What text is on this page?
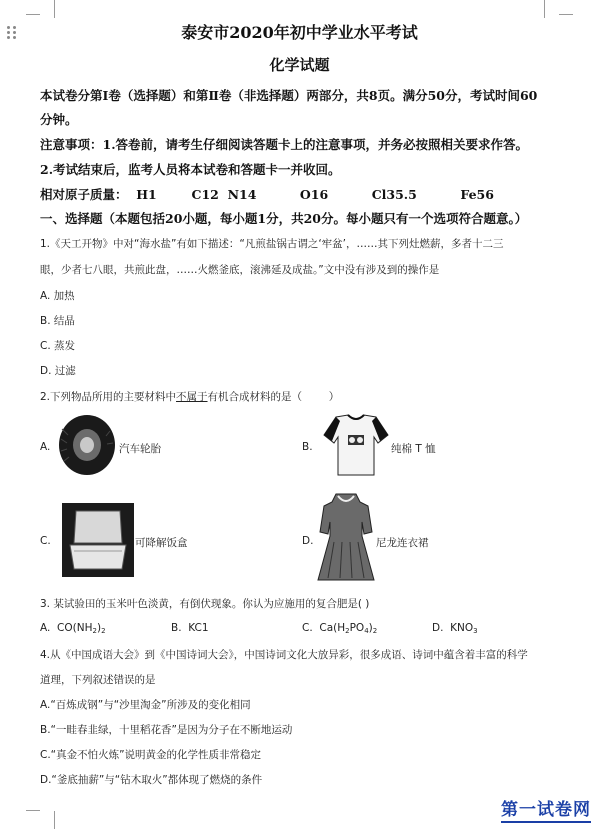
泰安市2020年初中学业水平考试
化学试题
本试卷分第Ⅰ卷（选择题）和第Ⅱ卷（非选择题）两部分，共8页。满分50分，考试时间60
分钟。
注意事项：1.答卷前，请考生仔细阅读答题卡上的注意事项，并务必按照相关要求作答。
2.考试结束后，监考人员将本试卷和答题卡一并收回。
相对原子质量：  H1        C12  N14          O16          Cl35.5          Fe56
一、选择题（本题包括20小题，每小题1分，共20分。每小题只有一个选项符合题意。）
1.《天工开物》中对“海水盐”有如下描述：“凡煎盐锅古谓之‘牢盆’，……其下列灶燃薪，多者十二三
眼，少者七八眼，共煎此盘，……火燃釜底，滚沸延及成盐。”文中没有涉及到的操作是
A. 加热
B. 结晶
C. 蒸发
D. 过滤
2.下列物品所用的主要材料中不属于有机合成材料的是（        ）
A.	汽车轮胎	B.	纯棉 T 恤
C.	可降解饭盒	D.	尼龙连衣裙
3. 某试验田的玉米叶色淡黄，有倒伏现象。你认为应施用的复合肥是( )
A. $CO(NH_2)_2$	B. KC1	C. $Ca(H_2PO_4)_2$	D. $KNO_3$
4.从《中国成语大会》到《中国诗词大会》，中国诗词文化大放异彩，很多成语、诗词中蕴含着丰富的科学
道理，下列叙述错误的是
A.“百炼成钢”与“沙里淘金”所涉及的变化相同
B.“一畦春韭绿，十里稻花香”是因为分子在不断地运动
C.“真金不怕火炼”说明黄金的化学性质非常稳定
D.“釜底抽薪”与“钻木取火”都体现了燃烧的条件
第一试卷网
